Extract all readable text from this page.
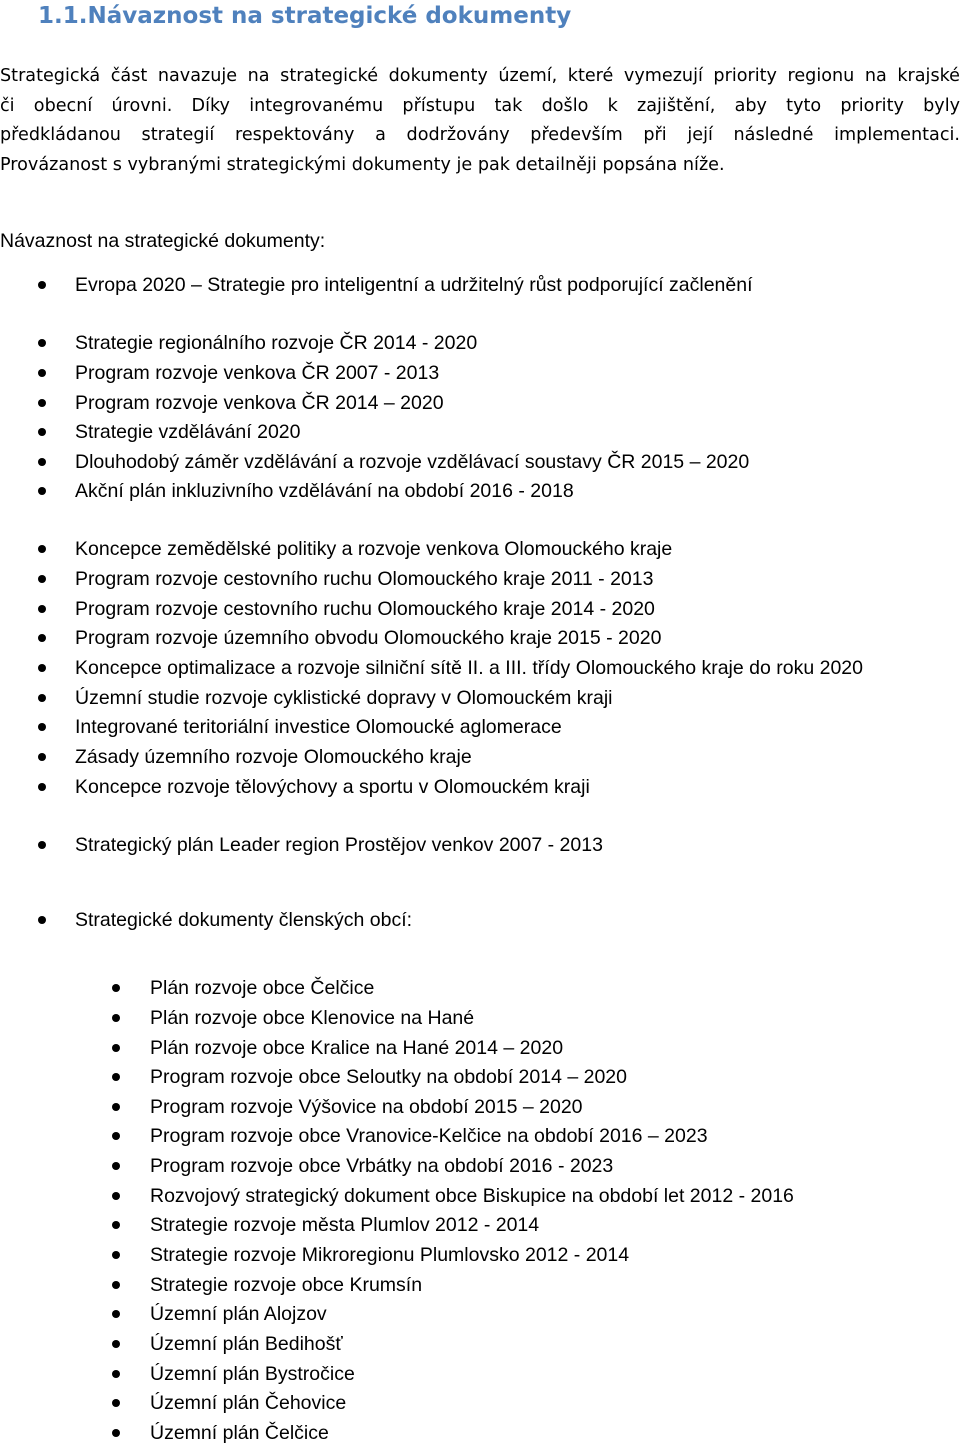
1.1.Návaznost na strategické dokumenty

Strategická část navazuje na strategické dokumenty území, které vymezují priority regionu na krajské
či obecní úrovni. Díky integrovanému přístupu tak došlo k zajištění, aby tyto priority byly
předkládanou strategií respektovány a dodržovány především při její následné implementaci.
Provázanost s vybranými strategickými dokumenty je pak detailněji popsána níže.

Návaznost na strategické dokumenty:

Evropa 2020 – Strategie pro inteligentní a udržitelný růst podporující začlenění
Strategie regionálního rozvoje ČR 2014 - 2020
Program rozvoje venkova ČR 2007 - 2013
Program rozvoje venkova ČR 2014 – 2020
Strategie vzdělávání 2020
Dlouhodobý záměr vzdělávání a rozvoje vzdělávací soustavy ČR 2015 – 2020
Akční plán inkluzivního vzdělávání na období 2016 - 2018
Koncepce zemědělské politiky a rozvoje venkova Olomouckého kraje
Program rozvoje cestovního ruchu Olomouckého kraje 2011 - 2013
Program rozvoje cestovního ruchu Olomouckého kraje 2014 - 2020
Program rozvoje územního obvodu Olomouckého kraje 2015 - 2020
Koncepce optimalizace a rozvoje silniční sítě II. a III. třídy Olomouckého kraje do roku 2020
Územní studie rozvoje cyklistické dopravy v Olomouckém kraji
Integrované teritoriální investice Olomoucké aglomerace
Zásady územního rozvoje Olomouckého kraje
Koncepce rozvoje tělovýchovy a sportu v Olomouckém kraji
Strategický plán Leader region Prostějov venkov 2007 - 2013
Strategické dokumenty členských obcí:
Plán rozvoje obce Čelčice
Plán rozvoje obce Klenovice na Hané
Plán rozvoje obce Kralice na Hané 2014 – 2020
Program rozvoje obce Seloutky na období 2014 – 2020
Program rozvoje Výšovice na období 2015 – 2020
Program rozvoje obce Vranovice-Kelčice na období 2016 – 2023
Program rozvoje obce Vrbátky na období 2016 - 2023
Rozvojový strategický dokument obce Biskupice na období let 2012 - 2016
Strategie rozvoje města Plumlov 2012 - 2014
Strategie rozvoje Mikroregionu Plumlovsko 2012 - 2014
Strategie rozvoje obce Krumsín
Územní plán Alojzov
Územní plán Bedihošť
Územní plán Bystročice
Územní plán Čehovice
Územní plán Čelčice
